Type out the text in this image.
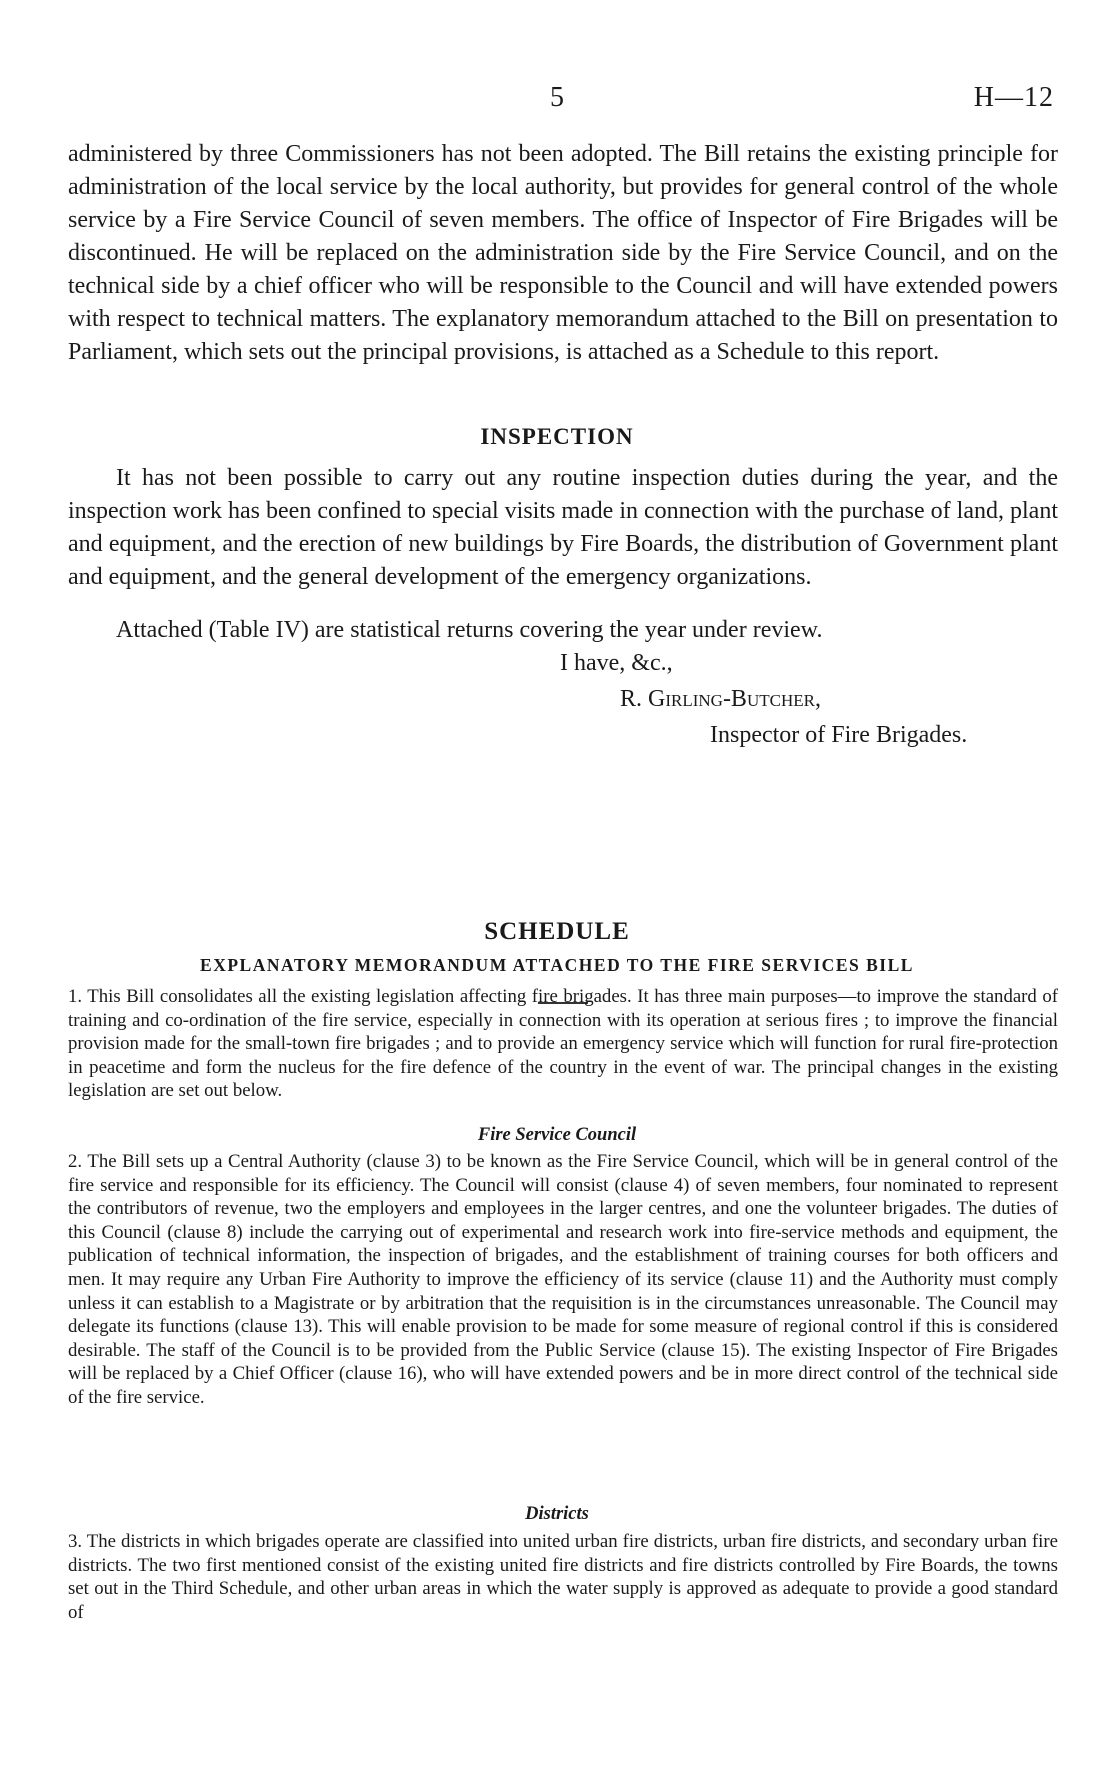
5	H—12

administered by three Commissioners has not been adopted. The Bill retains the existing principle for administration of the local service by the local authority, but provides for general control of the whole service by a Fire Service Council of seven members. The office of Inspector of Fire Brigades will be discontinued. He will be replaced on the administration side by the Fire Service Council, and on the technical side by a chief officer who will be responsible to the Council and will have extended powers with respect to technical matters. The explanatory memorandum attached to the Bill on presentation to Parliament, which sets out the principal provisions, is attached as a Schedule to this report.

INSPECTION

It has not been possible to carry out any routine inspection duties during the year, and the inspection work has been confined to special visits made in connection with the purchase of land, plant and equipment, and the erection of new buildings by Fire Boards, the distribution of Government plant and equipment, and the general development of the emergency organizations.

Attached (Table IV) are statistical returns covering the year under review.

I have, &c.,

R. Girling-Butcher,

Inspector of Fire Brigades.

SCHEDULE
EXPLANATORY MEMORANDUM ATTACHED TO THE FIRE SERVICES BILL

1. This Bill consolidates all the existing legislation affecting fire brigades. It has three main purposes—to improve the standard of training and co-ordination of the fire service, especially in connection with its operation at serious fires ; to improve the financial provision made for the small-town fire brigades ; and to provide an emergency service which will function for rural fire-protection in peacetime and form the nucleus for the fire defence of the country in the event of war. The principal changes in the existing legislation are set out below.

Fire Service Council

2. The Bill sets up a Central Authority (clause 3) to be known as the Fire Service Council, which will be in general control of the fire service and responsible for its efficiency. The Council will consist (clause 4) of seven members, four nominated to represent the contributors of revenue, two the employers and employees in the larger centres, and one the volunteer brigades. The duties of this Council (clause 8) include the carrying out of experimental and research work into fire-service methods and equipment, the publication of technical information, the inspection of brigades, and the establishment of training courses for both officers and men. It may require any Urban Fire Authority to improve the efficiency of its service (clause 11) and the Authority must comply unless it can establish to a Magistrate or by arbitration that the requisition is in the circumstances unreasonable. The Council may delegate its functions (clause 13). This will enable provision to be made for some measure of regional control if this is considered desirable. The staff of the Council is to be provided from the Public Service (clause 15). The existing Inspector of Fire Brigades will be replaced by a Chief Officer (clause 16), who will have extended powers and be in more direct control of the technical side of the fire service.

Districts

3. The districts in which brigades operate are classified into united urban fire districts, urban fire districts, and secondary urban fire districts. The two first mentioned consist of the existing united fire districts and fire districts controlled by Fire Boards, the towns set out in the Third Schedule, and other urban areas in which the water supply is approved as adequate to provide a good standard of
